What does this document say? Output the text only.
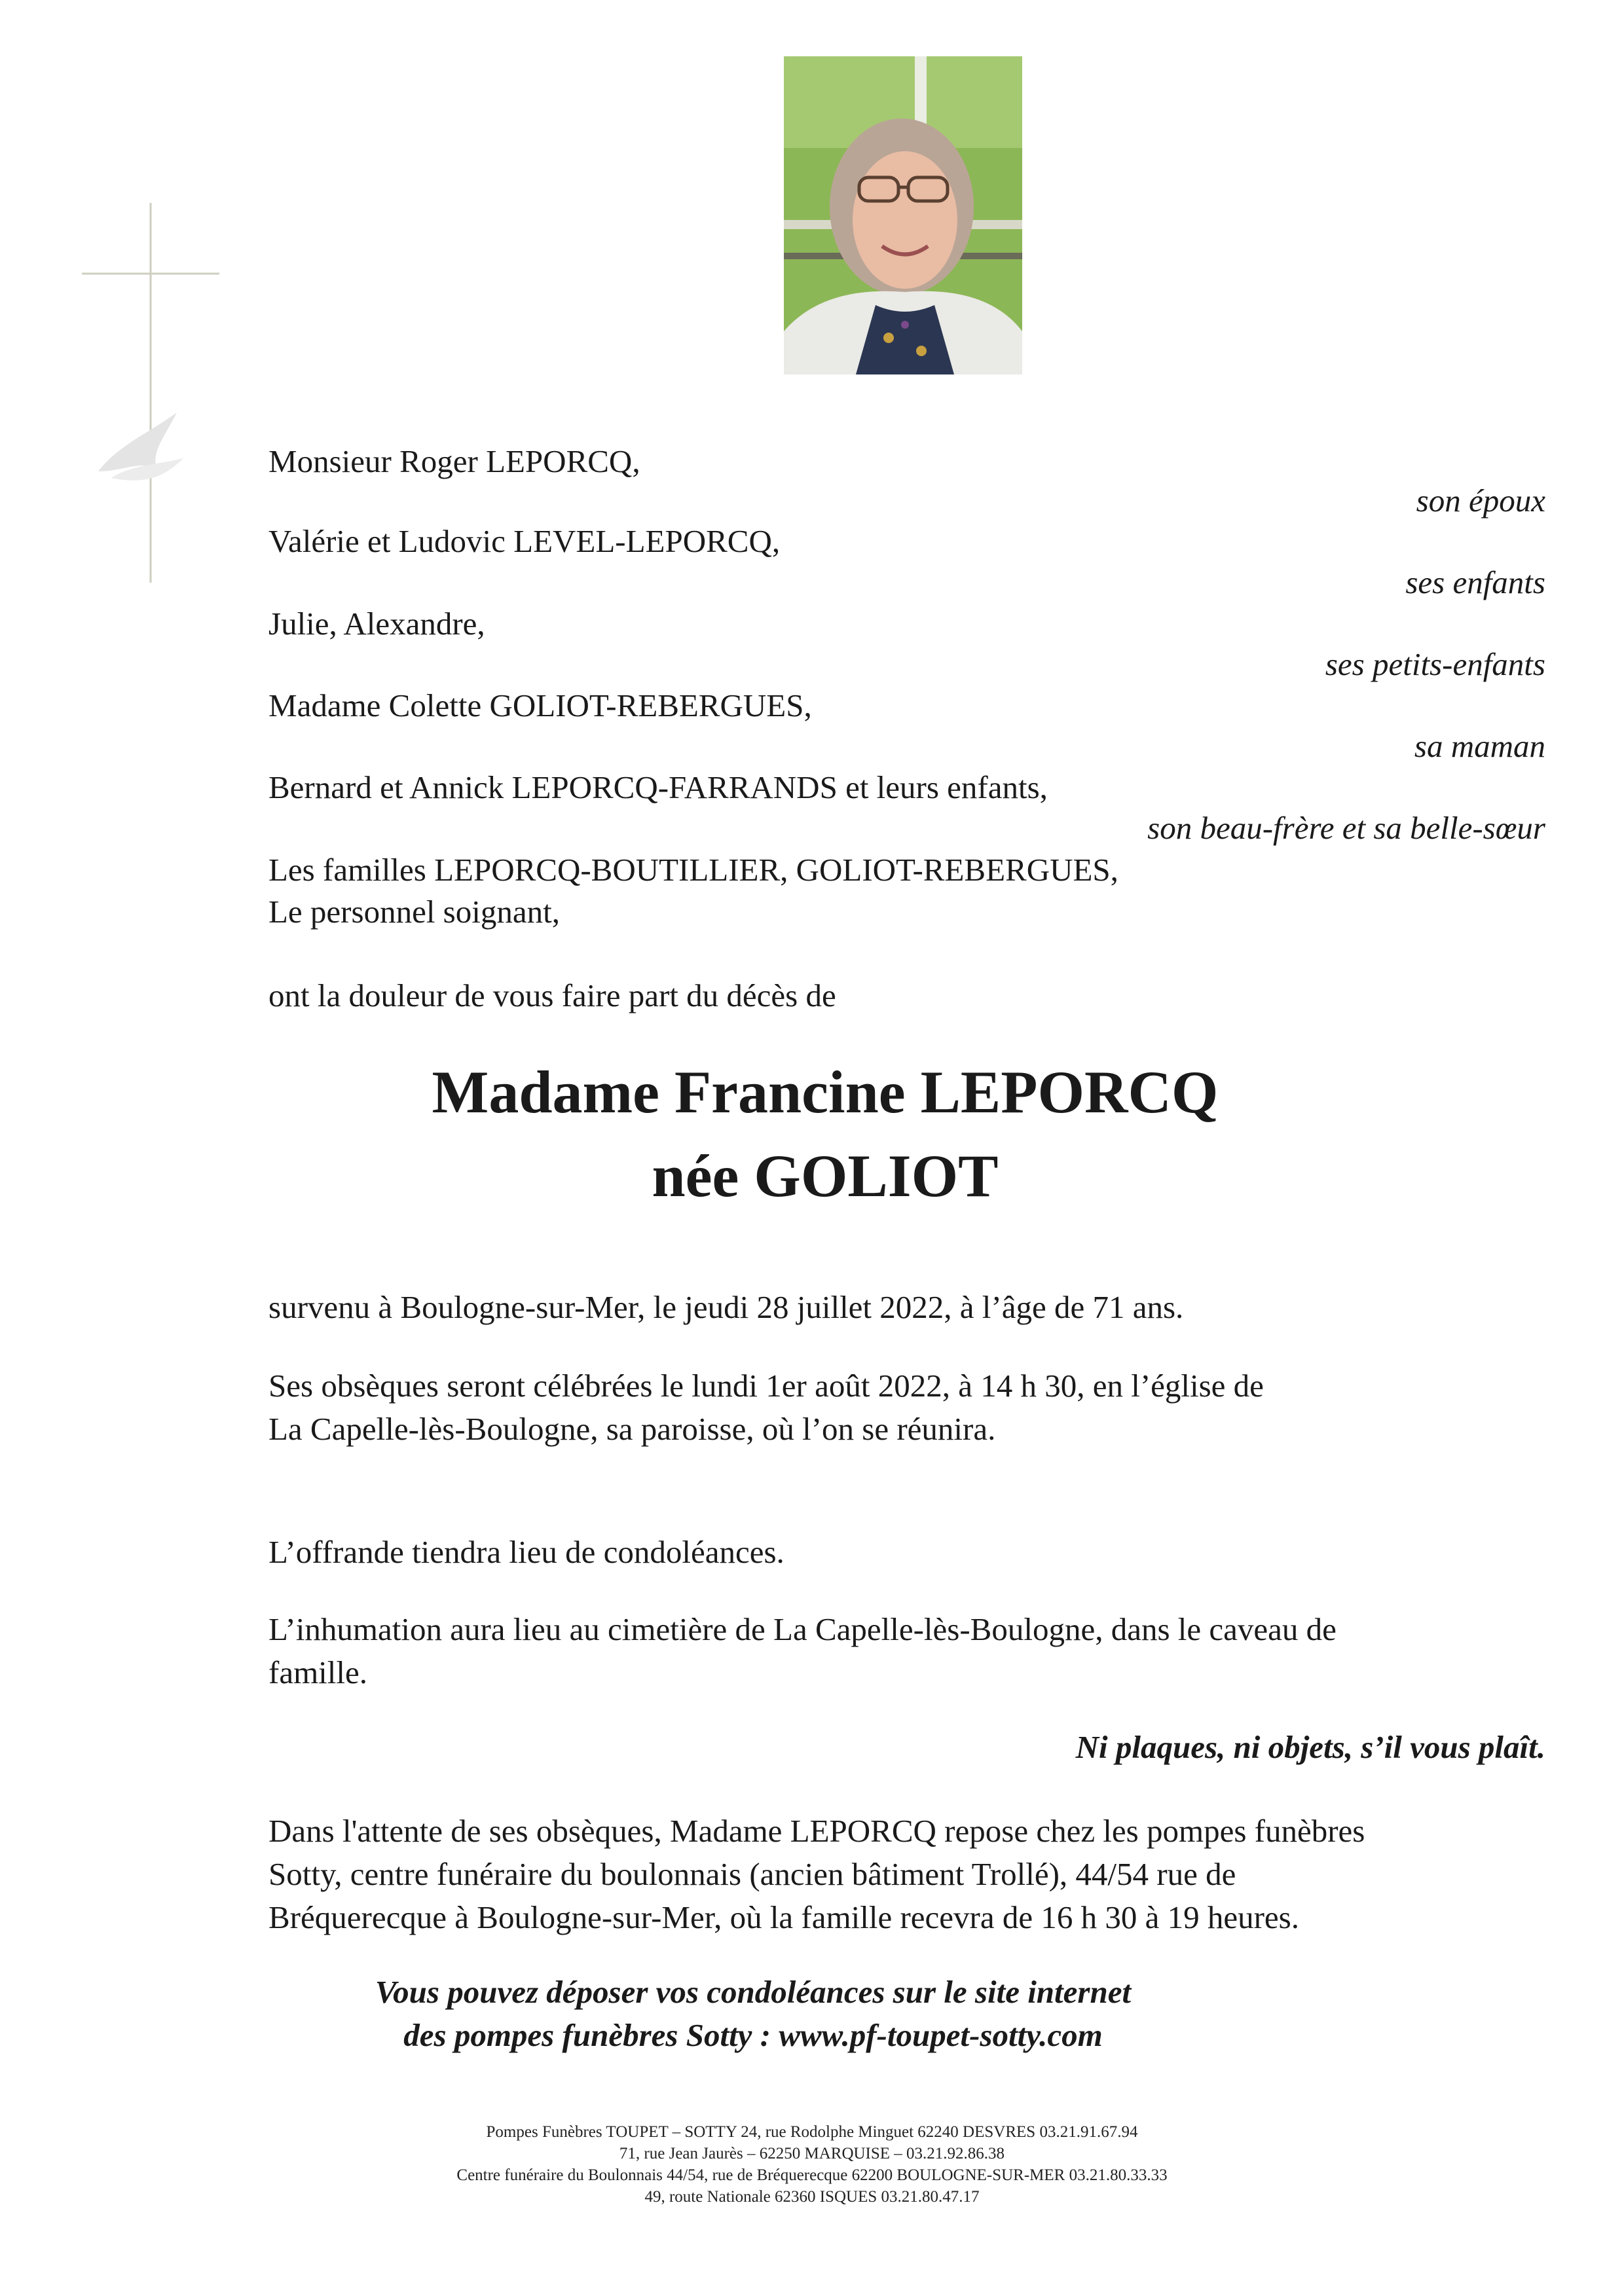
Monsieur Roger LEPORCQ,
son époux
Valérie et Ludovic LEVEL-LEPORCQ,
ses enfants
Julie, Alexandre,
ses petits-enfants
Madame Colette GOLIOT-REBERGUES,
sa maman
Bernard et Annick LEPORCQ-FARRANDS et leurs enfants,
son beau-frère et sa belle-sœur
Les familles LEPORCQ-BOUTILLIER, GOLIOT-REBERGUES,
Le personnel soignant,
ont la douleur de vous faire part du décès de
Madame Francine LEPORCQ
née GOLIOT
survenu à Boulogne-sur-Mer, le jeudi 28 juillet 2022, à l’âge de 71 ans.
Ses obsèques seront célébrées le lundi 1er août 2022, à 14 h 30, en l’église de
La Capelle-lès-Boulogne, sa paroisse, où l’on se réunira.
L’offrande tiendra lieu de condoléances.
L’inhumation aura lieu au cimetière de La Capelle-lès-Boulogne, dans le caveau de
famille.
Ni plaques, ni objets, s’il vous plaît.
Dans l'attente de ses obsèques, Madame LEPORCQ repose chez les pompes funèbres
Sotty, centre funéraire du boulonnais (ancien bâtiment Trollé), 44/54 rue de
Bréquerecque à Boulogne-sur-Mer, où la famille recevra de 16 h 30 à 19 heures.
Vous pouvez déposer vos condoléances sur le site internet
des pompes funèbres Sotty : www.pf-toupet-sotty.com
Pompes Funèbres TOUPET – SOTTY 24, rue Rodolphe Minguet 62240 DESVRES 03.21.91.67.94
71, rue Jean Jaurès – 62250 MARQUISE – 03.21.92.86.38
Centre funéraire du Boulonnais 44/54, rue de Bréquerecque 62200 BOULOGNE-SUR-MER 03.21.80.33.33
49, route Nationale 62360 ISQUES 03.21.80.47.17
